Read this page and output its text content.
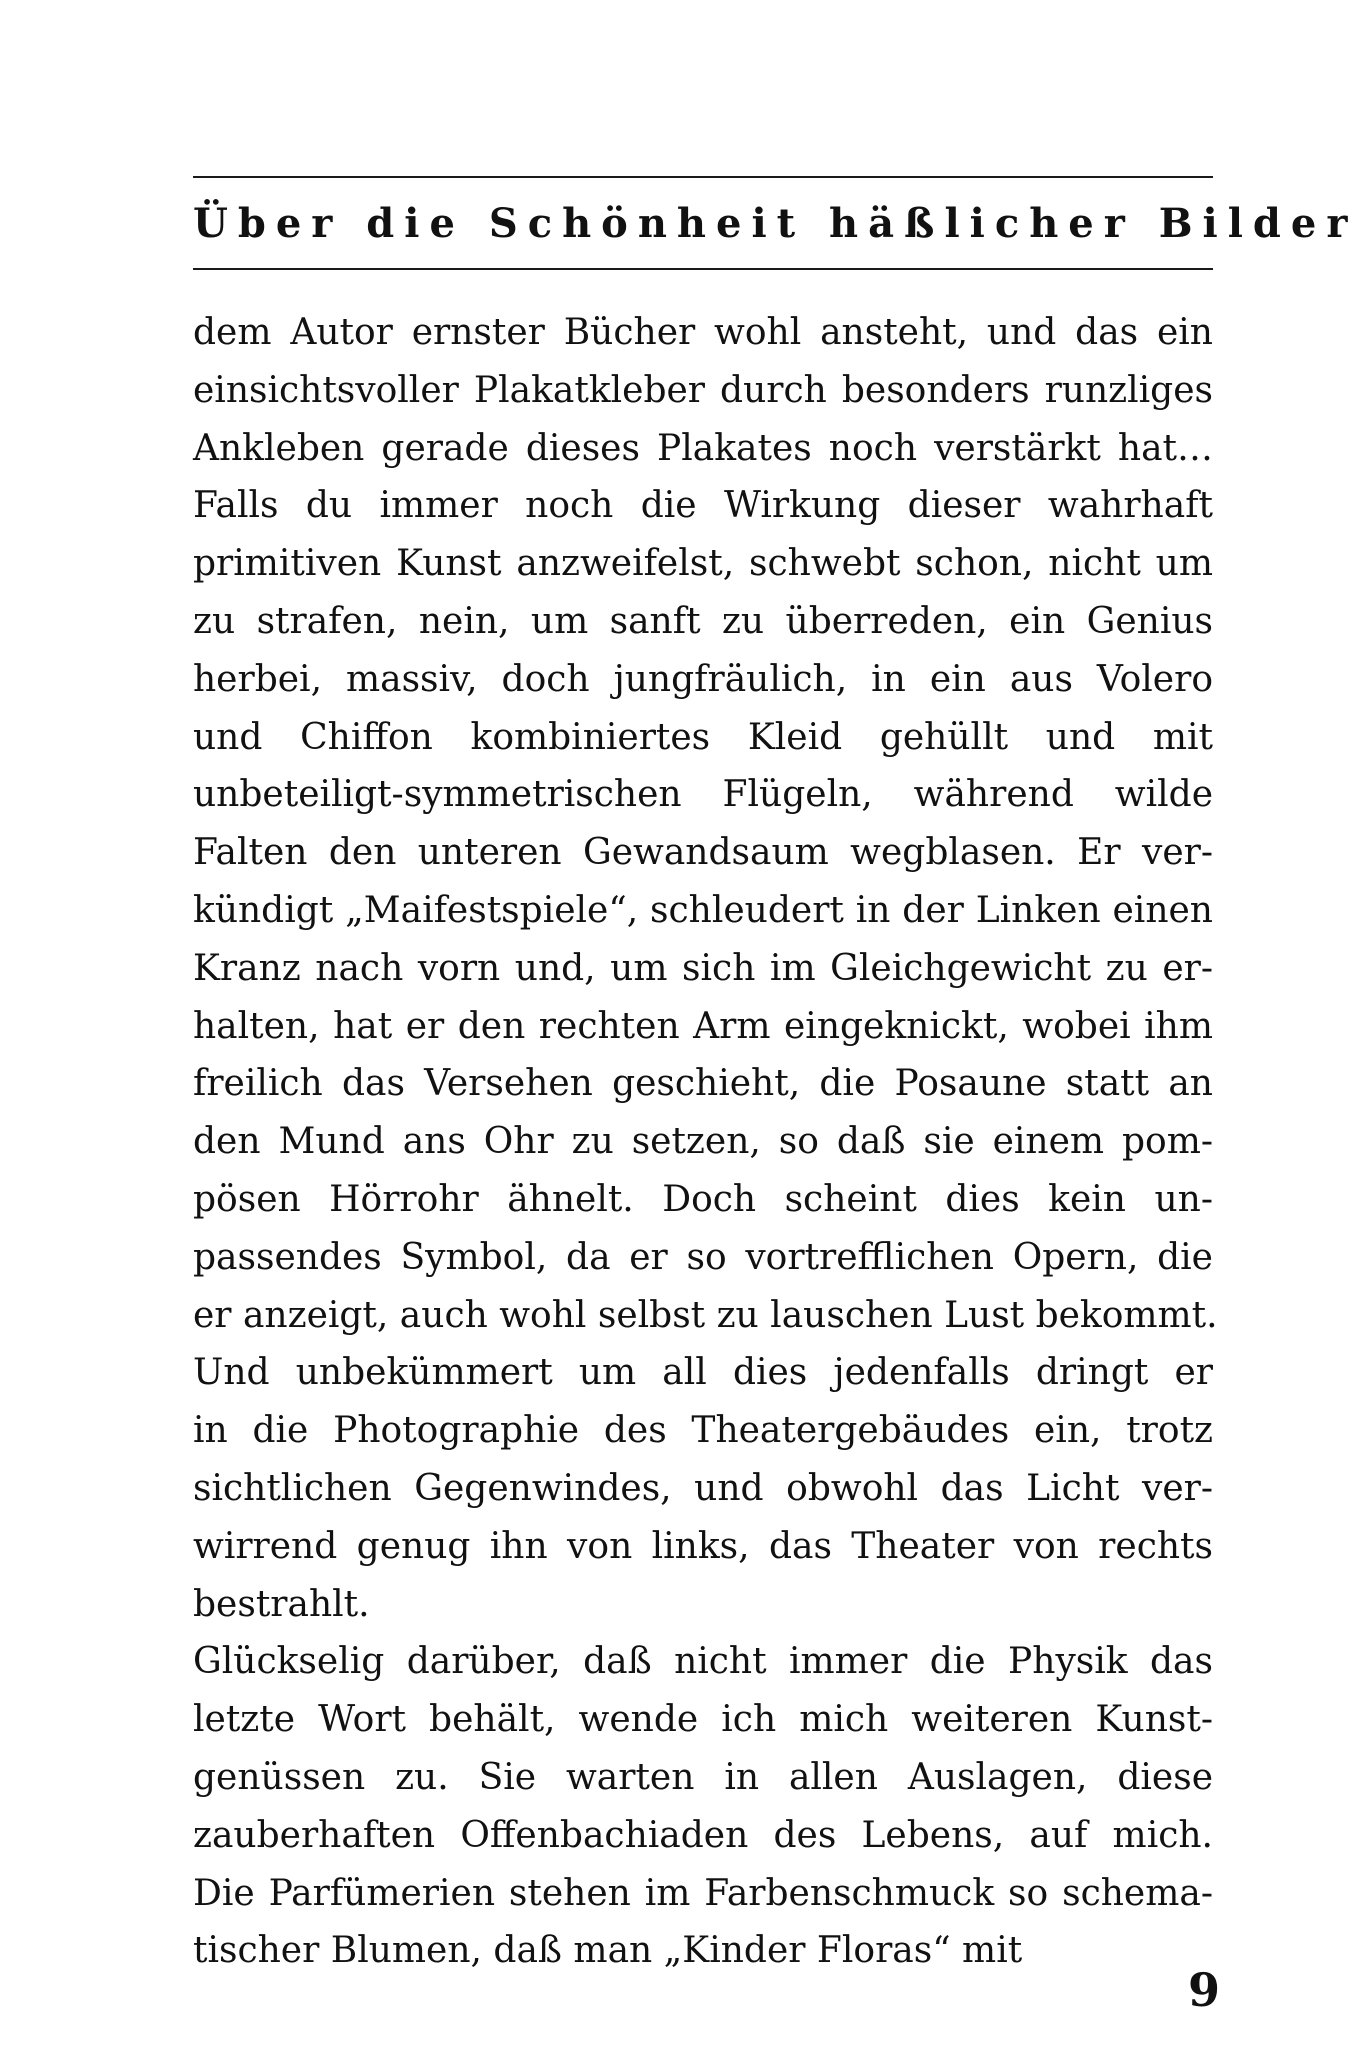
Über die Schönheit häßlicher Bilder
dem Autor ernster Bücher wohl ansteht, und das ein
einsichtsvoller Plakatkleber durch besonders runzliges
Ankleben gerade dieses Plakates noch verstärkt hat…
Falls du immer noch die Wirkung dieser wahrhaft
primitiven Kunst anzweifelst, schwebt schon, nicht um
zu strafen, nein, um sanft zu überreden, ein Genius
herbei, massiv, doch jungfräulich, in ein aus Volero
und Chiffon kombiniertes Kleid gehüllt und mit
unbeteiligt-symmetrischen Flügeln, während wilde
Falten den unteren Gewandsaum wegblasen. Er ver-
kündigt „Maifestspiele“, schleudert in der Linken einen
Kranz nach vorn und, um sich im Gleichgewicht zu er-
halten, hat er den rechten Arm eingeknickt, wobei ihm
freilich das Versehen geschieht, die Posaune statt an
den Mund ans Ohr zu setzen, so daß sie einem pom-
pösen Hörrohr ähnelt. Doch scheint dies kein un-
passendes Symbol, da er so vortrefflichen Opern, die
er anzeigt, auch wohl selbst zu lauschen Lust bekommt.
Und unbekümmert um all dies jedenfalls dringt er
in die Photographie des Theatergebäudes ein, trotz
sichtlichen Gegenwindes, und obwohl das Licht ver-
wirrend genug ihn von links, das Theater von rechts
bestrahlt.
Glückselig darüber, daß nicht immer die Physik das
letzte Wort behält, wende ich mich weiteren Kunst-
genüssen zu. Sie warten in allen Auslagen, diese
zauberhaften Offenbachiaden des Lebens, auf mich.
Die Parfümerien stehen im Farbenschmuck so schema-
tischer Blumen, daß man „Kinder Floras“ mit
9
